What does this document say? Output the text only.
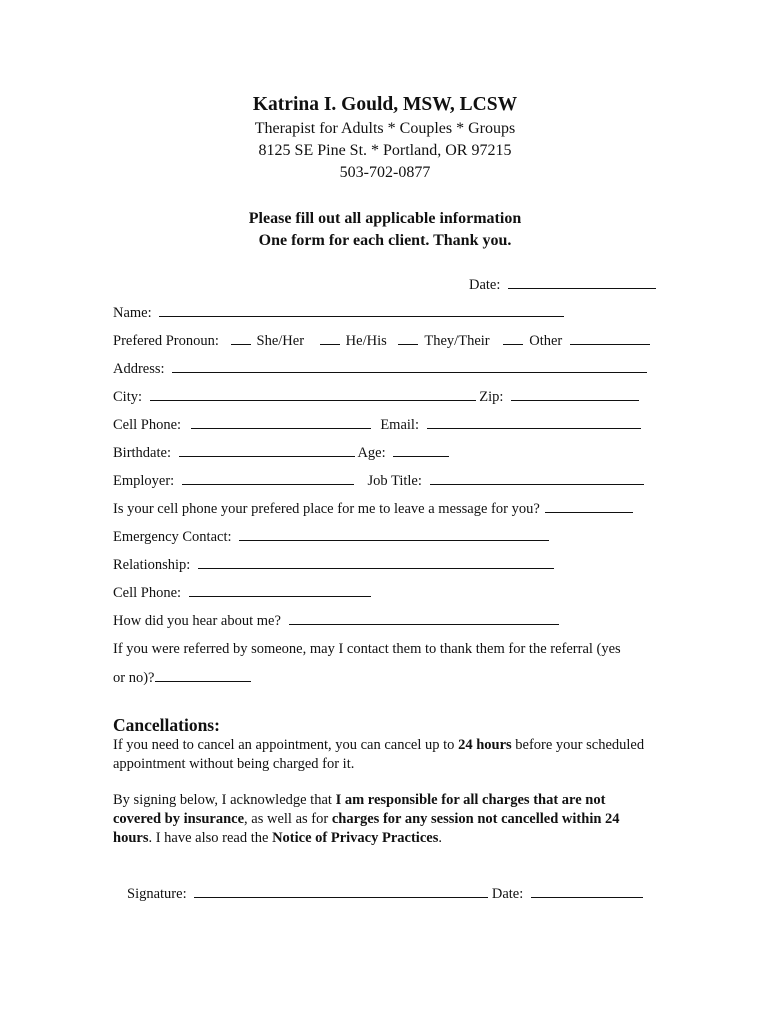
Katrina I. Gould, MSW, LCSW
Therapist for Adults * Couples * Groups
8125 SE Pine St. * Portland, OR 97215
503-702-0877
Please fill out all applicable information
One form for each client. Thank you.
Date:
Name:
Prefered Pronoun:	She/Her	He/His	They/Their	Other
Address:
City:	Zip:
Cell Phone:	Email:
Birthdate:	Age:
Employer:	Job Title:
Is your cell phone your prefered place for me to leave a message for you?
Emergency Contact:
Relationship:
Cell Phone:
How did you hear about me?
If you were referred by someone, may I contact them to thank them for the referral (yes
or no)?
Cancellations:
If you need to cancel an appointment, you can cancel up to 24 hours before your scheduled appointment without being charged for it.
By signing below, I acknowledge that I am responsible for all charges that are not covered by insurance, as well as for charges for any session not cancelled within 24 hours. I have also read the Notice of Privacy Practices.
Signature:	Date:
